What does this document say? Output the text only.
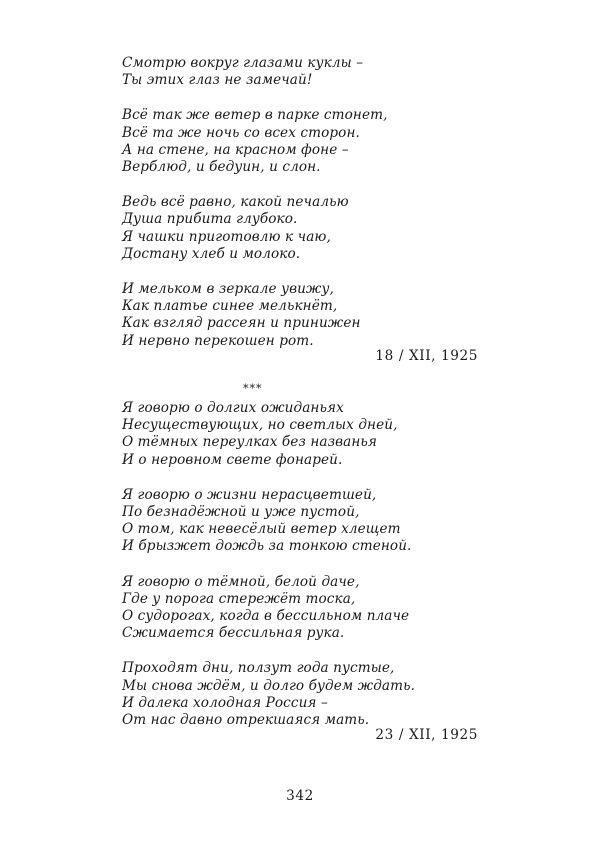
Смотрю вокруг глазами куклы –
Ты этих глаз не замечай!
Всё так же ветер в парке стонет,
Всё та же ночь со всех сторон.
А на стене, на красном фоне –
Верблюд, и бедуин, и слон.
Ведь всё равно, какой печалью
Душа прибита глубоко.
Я чашки приготовлю к чаю,
Достану хлеб и молоко.
И мельком в зеркале увижу,
Как платье синее мелькнёт,
Как взгляд рассеян и принижен
И нервно перекошен рот.
18 / XII, 1925
***
Я говорю о долгих ожиданьях
Несуществующих, но светлых дней,
О тёмных переулках без названья
И о неровном свете фонарей.
Я говорю о жизни нерасцветшей,
По безнадёжной и уже пустой,
О том, как невесёлый ветер хлещет
И брызжет дождь за тонкою стеной.
Я говорю о тёмной, белой даче,
Где у порога стережёт тоска,
О судорогах, когда в бессильном плаче
Сжимается бессильная рука.
Проходят дни, ползут года пустые,
Мы снова ждём, и долго будем ждать.
И далека холодная Россия –
От нас давно отрекшаяся мать.
23 / XII, 1925
342
